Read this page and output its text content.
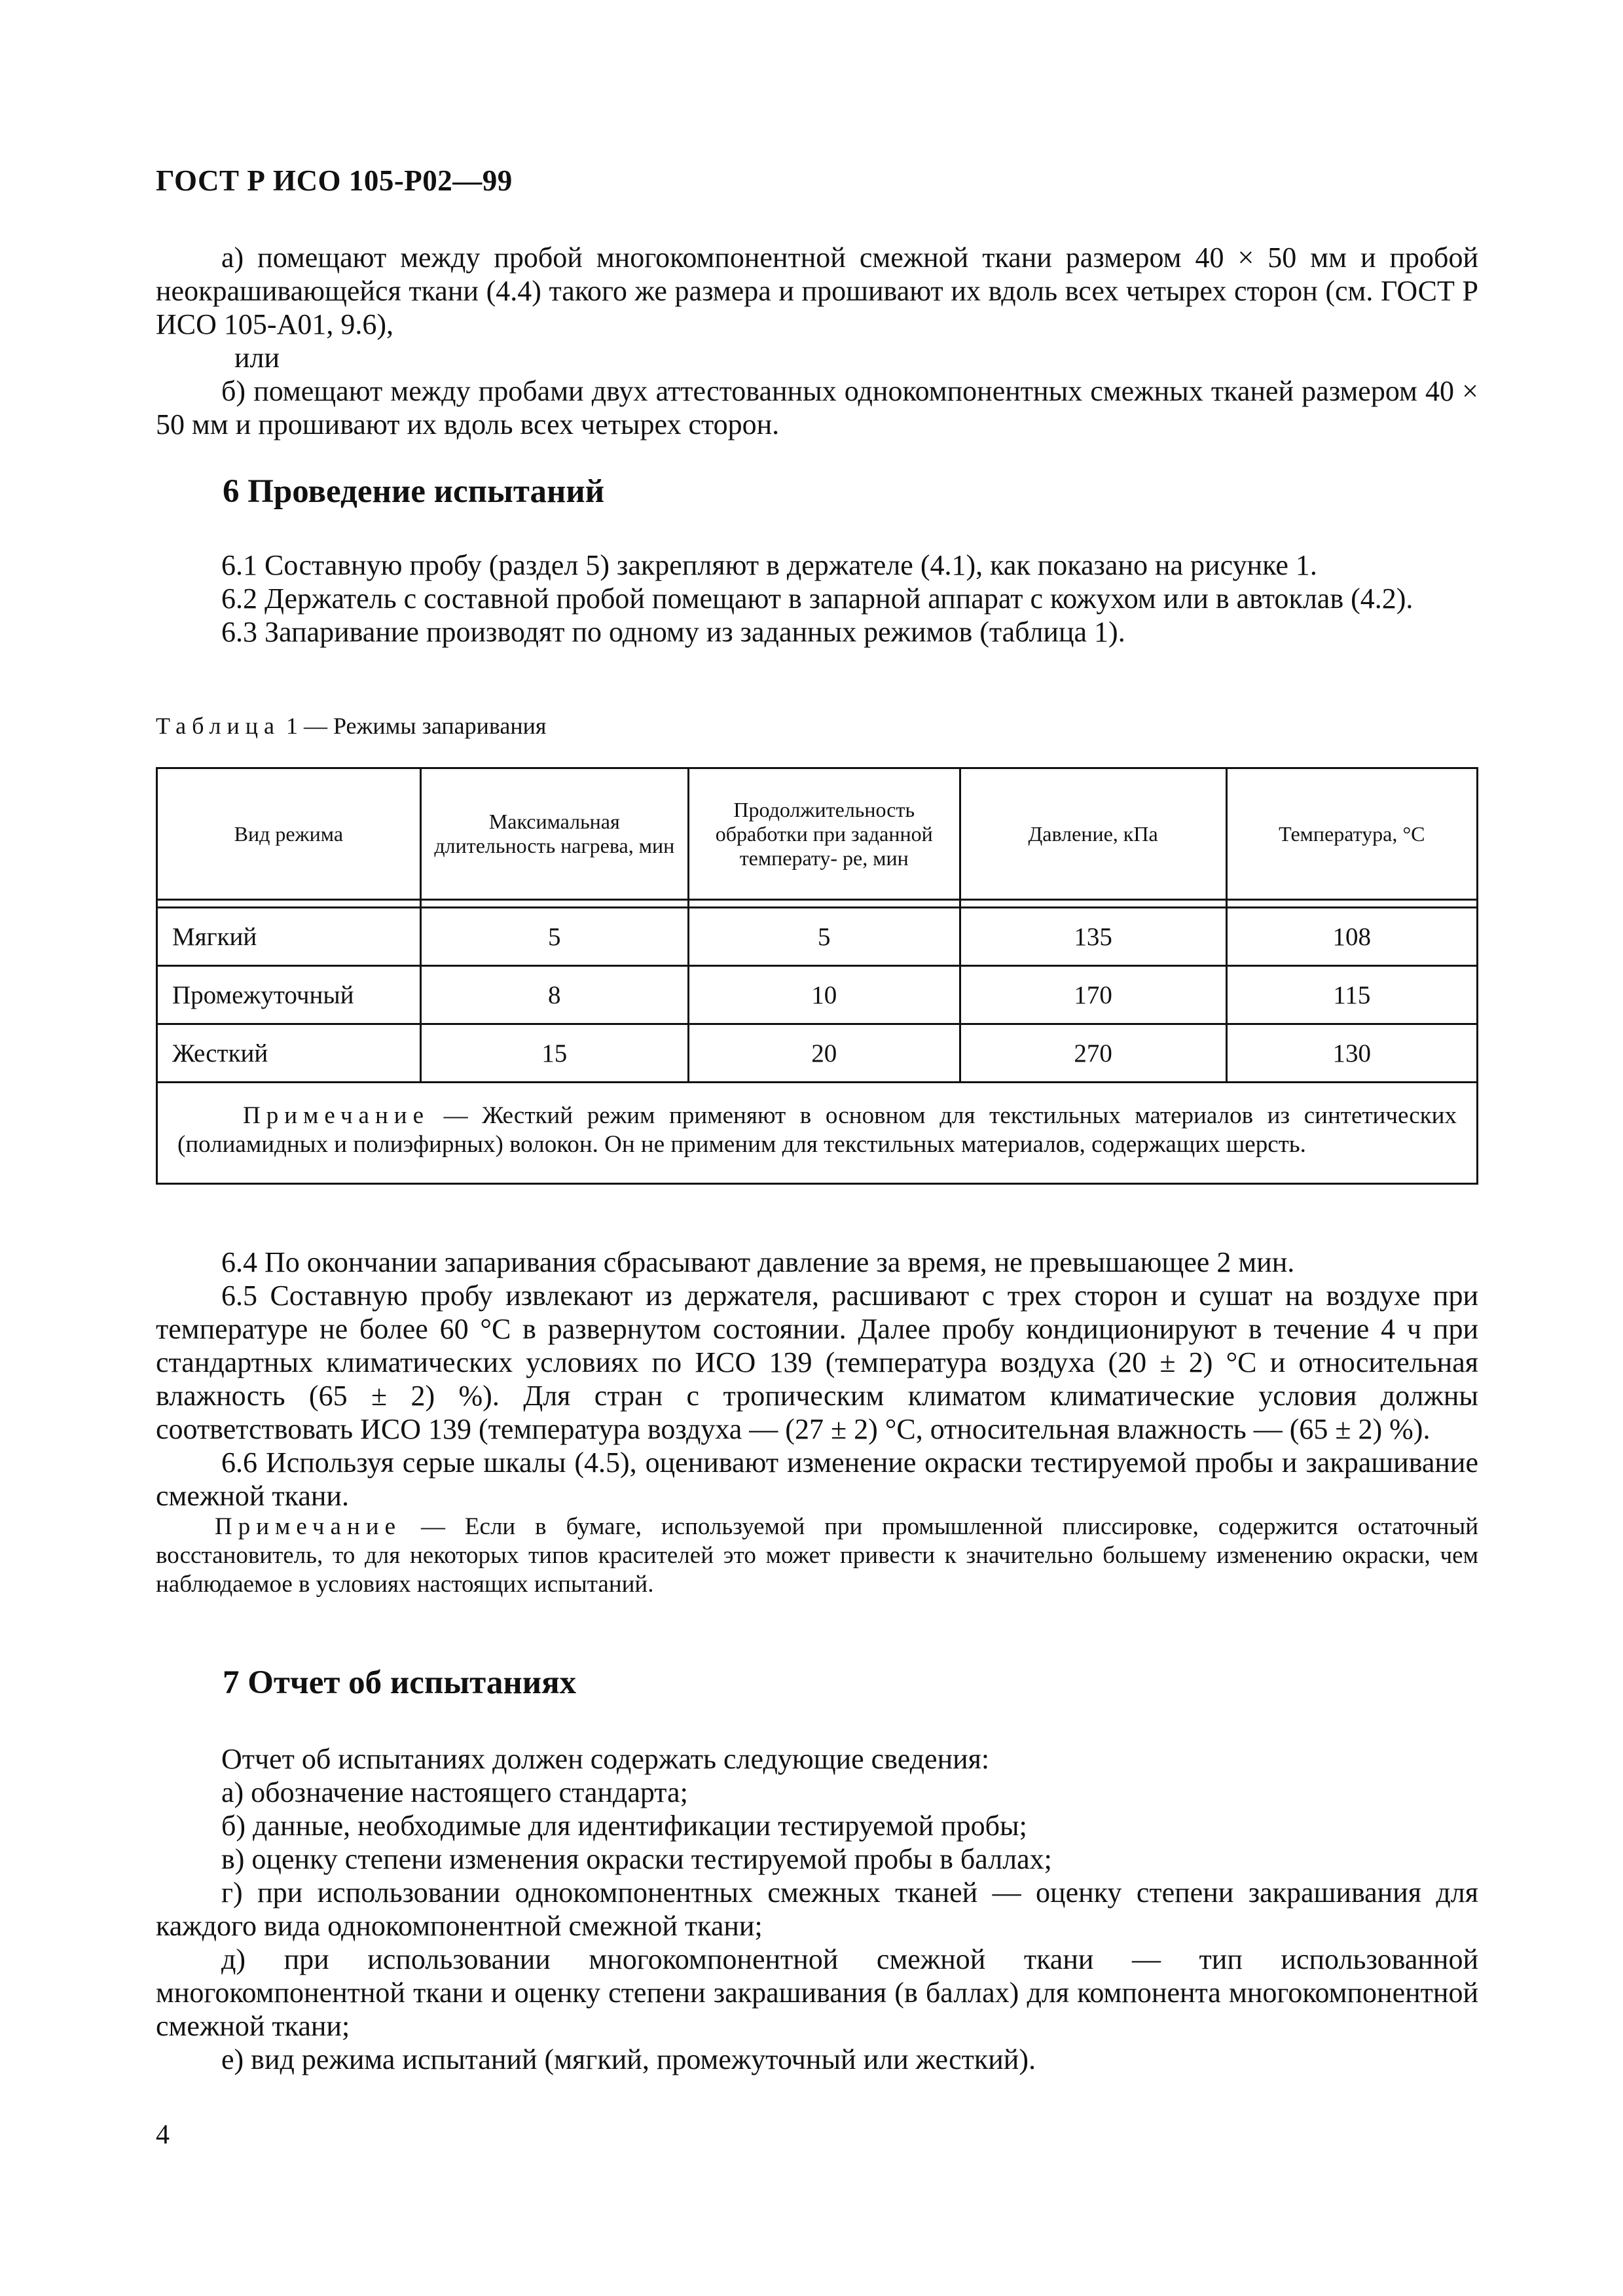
ГОСТ Р ИСО 105-Р02—99

а) помещают между пробой многокомпонентной смежной ткани размером 40 × 50 мм и пробой неокрашивающейся ткани (4.4) такого же размера и прошивают их вдоль всех четырех сторон (см. ГОСТ Р ИСО 105-А01, 9.6),

или

б) помещают между пробами двух аттестованных однокомпонентных смежных тканей размером 40 × 50 мм и прошивают их вдоль всех четырех сторон.

6 Проведение испытаний

6.1 Составную пробу (раздел 5) закрепляют в держателе (4.1), как показано на рисунке 1.

6.2 Держатель с составной пробой помещают в запарной аппарат с кожухом или в автоклав (4.2).

6.3 Запаривание производят по одному из заданных режимов (таблица 1).

Таблица 1 — Режимы запаривания
Вид режима	Максимальная длительность нагрева, мин	Продолжительность обработки при заданной температу- ре, мин	Давление, кПа	Температура, °С

Мягкий	5	5	135	108
Промежуточный	8	10	170	115
Жесткий	15	20	270	130

Примечание — Жесткий режим применяют в основном для текстильных материалов из синтетических (полиамидных и полиэфирных) волокон. Он не применим для текстильных материалов, содержащих шерсть.				

6.4 По окончании запаривания сбрасывают давление за время, не превышающее 2 мин.

6.5 Составную пробу извлекают из держателя, расшивают с трех сторон и сушат на воздухе при температуре не более 60 °С в развернутом состоянии. Далее пробу кондиционируют в течение 4 ч при стандартных климатических условиях по ИСО 139 (температура воздуха (20 ± 2) °С и относительная влажность (65 ± 2) %). Для стран с тропическим климатом климатические условия должны соответствовать ИСО 139 (температура воздуха — (27 ± 2) °С, относительная влажность — (65 ± 2) %).

6.6 Используя серые шкалы (4.5), оценивают изменение окраски тестируемой пробы и закрашивание смежной ткани.

Примечание — Если в бумаге, используемой при промышленной плиссировке, содержится остаточный восстановитель, то для некоторых типов красителей это может привести к значительно большему изменению окраски, чем наблюдаемое в условиях настоящих испытаний.

7 Отчет об испытаниях

Отчет об испытаниях должен содержать следующие сведения:

а) обозначение настоящего стандарта;

б) данные, необходимые для идентификации тестируемой пробы;

в) оценку степени изменения окраски тестируемой пробы в баллах;

г) при использовании однокомпонентных смежных тканей — оценку степени закрашивания для каждого вида однокомпонентной смежной ткани;

д) при использовании многокомпонентной смежной ткани — тип использованной многокомпонентной ткани и оценку степени закрашивания (в баллах) для компонента многокомпонентной смежной ткани;

е) вид режима испытаний (мягкий, промежуточный или жесткий).

4
